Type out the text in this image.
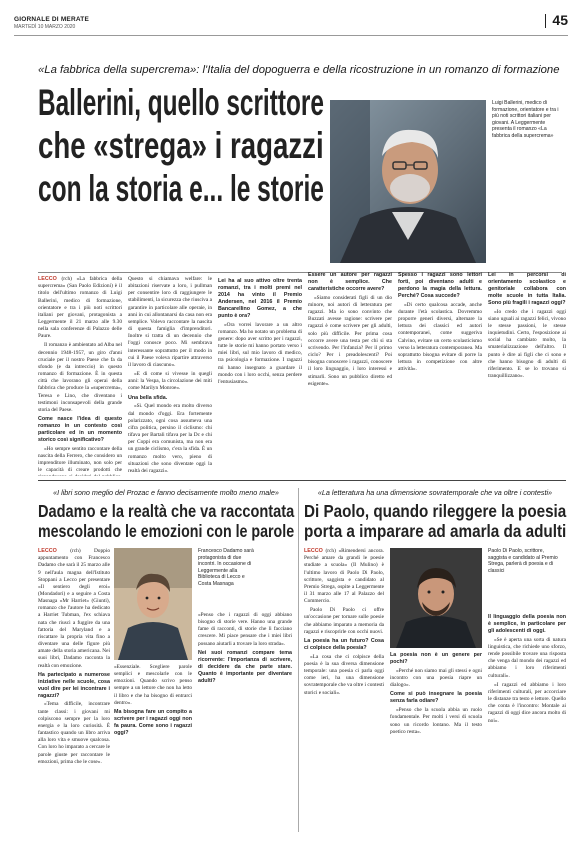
GIORNALE DI MERATE
MARTEDÌ 10 MARZO 2020	45
«La fabbrica della supercrema»: l'Italia del dopoguerra e della ricostruzione in un romanzo di formazione
Ballerini, quello scrittore
che «strega» i ragazzi
con la storia e... le storie
Luigi Ballerini, medico di formazione, orientatore e tra i più noti scrittori italiani per giovani. A Leggermente presenta il romanzo «La fabbrica della supercrema»

LECCO (rch) «La fabbrica della supercrema» (San Paolo Edizioni) è il titolo dell'ultimo romanzo di Luigi Ballerini, medico di formazione, orientatore e tra i più noti scrittori italiani per giovani, protagonista a Leggermente il 21 marzo alle 9.30 nella sala conferenze di Palazzo delle Paure.

Il romanzo è ambientato ad Alba nel decennio 1948-1957, un giro d'anni cruciale per il nostro Paese che fa da sfondo (e da intreccio) in questo romanzo di formazione. È in questa città che lavorano gli operai della fabbrica che produce la «supercrema», Teresa e Lino, che diventano i testimoni inconsapevoli della grande storia del Paese.

Come nasce l'idea di questo romanzo in un contesto così particolare ed in un momento storico così significativo?

«Ho sempre sentito raccontare della nascita della Ferrero, che considero un imprenditore illuminato, non solo per le capacità di creare prodotti che

Questo si chiamava welfare: le abitazioni riservate a loro, i pullman per consentire loro di raggiungere le stabilimenti, la sicurezza che riusciva a garantire in particolare alle operaie, in anni in cui allontanarsi da casa non era semplice. Volevo raccontare la nascita di questa famiglia d'imprenditori. Inoltre si tratta di un decennio che l'oggi conosce poco. Mi sembrava interessante soprattutto per il modo in cui il Paese voleva ripartire attraverso il lavoro di ciascuno».

«E di come si vivesse in quegli anni: la Vespa, la circolazione dei miti come Marilyn Monroe».

Una bella sfida.

«Sì. Quel mondo era molto diverso dal mondo d'oggi. Era fortemente polarizzato, ogni cosa assumeva una cifra politica, persino il ciclismo: chi tifava per Bartali tifava per la Dc e chi per Coppi era comunista, ma non era un grande ciclismo, c'era la sfida. È un romanzo molto vero, pieno di situazioni che sono diventate oggi la realtà dei ragazzi».

Lei ha al suo attivo oltre trenta romanzi, tra i molti premi nel 2014 ha vinto il Premio Andersen, nel 2016 il Premio Bancarellino Gomez, a che punto è ora?

«Ora vorrei lavorare a un altro romanzo. Ma ho notato un problema di genere: dopo aver scritto per i ragazzi, tutte le storie mi hanno portato verso i miei libri, sul mio lavoro di medico, tra psicologia e formazione. I ragazzi mi hanno insegnato a guardare il mondo con i loro occhi, senza perdere l'entusiasmo».

Essere un autore per ragazzi non è semplice. Che caratteristiche occorre avere?

«Siamo considerati figli di un dio minore, noi autori di letteratura per ragazzi. Ma io sono convinto che Buzzati avesse ragione: scrivere per ragazzi è come scrivere per gli adulti, solo più difficile. Per prima cosa occorre avere una testa per chi si sta scrivendo. Per l'infanzia? Per il primo ciclo? Per i preadolescenti? Poi bisogna conoscere i ragazzi, conoscere il loro linguaggio, i loro interessi e stimarli. Sono un pubblico diretto ed esigente».

Spesso i ragazzi sono lettori forti, poi diventano adulti e perdono la magia della lettura. Perché? Cosa succede?

«Di certo qualcosa accade, anche durante l'età scolastica. Dovremmo proporre generi diversi, alternare la lettura dei classici ed autori contemporanei, come suggeriva Calvino, evitare un certo scolasticismo verso la letteratura contemporanea. Ma soprattutto bisogna evitare di porre la lettura in competizione con altre attività».

Lei in percorsi di orientamento scolastico e genitoriale collabora con molte scuole in tutta Italia. Sono più fragili i ragazzi oggi?

«Io credo che i ragazzi oggi siano uguali ai ragazzi felici, vivono le stesse passioni, le stesse inquietudini. Certo, l'esposizione ai social ha cambiato molto, la smaterializzazione dell'altro. Il punto è dire ai figli che ci sono e che hanno bisogno di adulti di riferimento. E se lo trovano si tranquillizzano».

«I libri sono meglio del Prozac e fanno decisamente molto meno male»
Dadamo e la realtà che va raccontata
mescolando le emozioni con le parole

LECCO (rch) Doppio appuntamento con Francesco Dadamo che sarà il 25 marzo alle 9 nell'aula magna dell'Istituto Stoppani a Lecco per presentare «Il sentiero degli eroi» (Mondadori) e a seguire a Costa Masnaga «Mr Harriet» (Giunti), romanzo che l'autore ha dedicato a Harriet Tubman, l'ex schiava nata che riuscì a fuggire da una fattoria del Maryland e a riscattare la propria vita fino a diventare una delle figure più amate della storia americana. Nei suoi libri, Dadamo racconta la realtà con emozione.

Ha partecipato a numerose iniziative nelle scuole, cosa vuol dire per lei incontrare i ragazzi?

«Tema difficile, incontrare tante classi: i giovani mi colpiscono sempre per la loro energia e la loro curiosità. È fantastico quando un libro arriva alla loro vita e smuove qualcosa. Con loro ho imparato a cercare le parole giuste per raccontare le emozioni, prima che le cose».

«Essenziale. Scegliere parole semplici e mescolarle con le emozioni. Quando scrivo penso sempre a un lettore che non ha letto il libro e che ha bisogno di entrarci dentro».

Ma bisogna fare un compito a scrivere per i ragazzi oggi non fa paura. Come sono i ragazzi oggi?
Francesco Dadamo sarà protagonista di due incontri. In occasione di Leggermente alla Biblioteca di Lecco e Costa Masnaga

«Penso che i ragazzi di oggi abbiano bisogno di storie vere. Hanno una grande fame di racconti, di storie che li facciano crescere. Mi piace pensare che i miei libri possano aiutarli a trovare la loro strada».

Nei suoi romanzi compare tema ricorrente: l'importanza di scrivere, di decidere da che parte stare. Quanto è importante per diventare adulti?
«La letteratura ha una dimensione sovratemporale che va oltre i contesti»
Di Paolo, quando rileggere la poesia
porta a imparare ad amarla da adulti

LECCO (rch) «Rimendersi ancora. Perché amare da grandi le poesie studiate a scuola» (Il Mulino) è l'ultimo lavoro di Paolo Di Paolo, scrittore, saggista e candidato al Premio Strega, ospite a Leggermente il 31 marzo alle 17 al Palazzo del Commercio.

Paolo Di Paolo ci offre un'occasione per tornare sulle poesie che abbiamo imparato a memoria da ragazzi e riscoprirle con occhi nuovi.

La poesia ha un futuro? Cosa ci colpisce della poesia?

«La cosa che ci colpisce della poesia è la sua diversa dimensione temporale: una poesia ci parla oggi come ieri, ha una dimensione sovratemporale che va oltre i contesti storici e sociali».

La poesia non è un genere per pochi?

«Perché non siamo mai gli stessi e ogni incontro con una poesia riapre un dialogo».

Come si può insegnare la poesia senza farla odiare?

«Penso che la scuola abbia un ruolo fondamentale. Per molti i versi di scuola sono un ricordo lontano. Ma il testo poetico resta».

Paolo Di Paolo, scrittore, saggista e candidato al Premio Strega, parlerà di poesia e di classici
Il linguaggio della poesia non è semplice, in particolare per gli adolescenti di oggi.

«Se è aperta una sorta di natura linguistica, che richiede uno sforzo, rende possibile trovare una risposta che venga dal mondo dei ragazzi ed abbiamo i loro riferimenti culturali».

«I ragazzi ed abbiamo i loro riferimenti culturali, per accorciare le distanze tra testo e lettore. Quello che conta è l'incontro: Montale ai ragazzi di oggi dice ancora molto di noi».
